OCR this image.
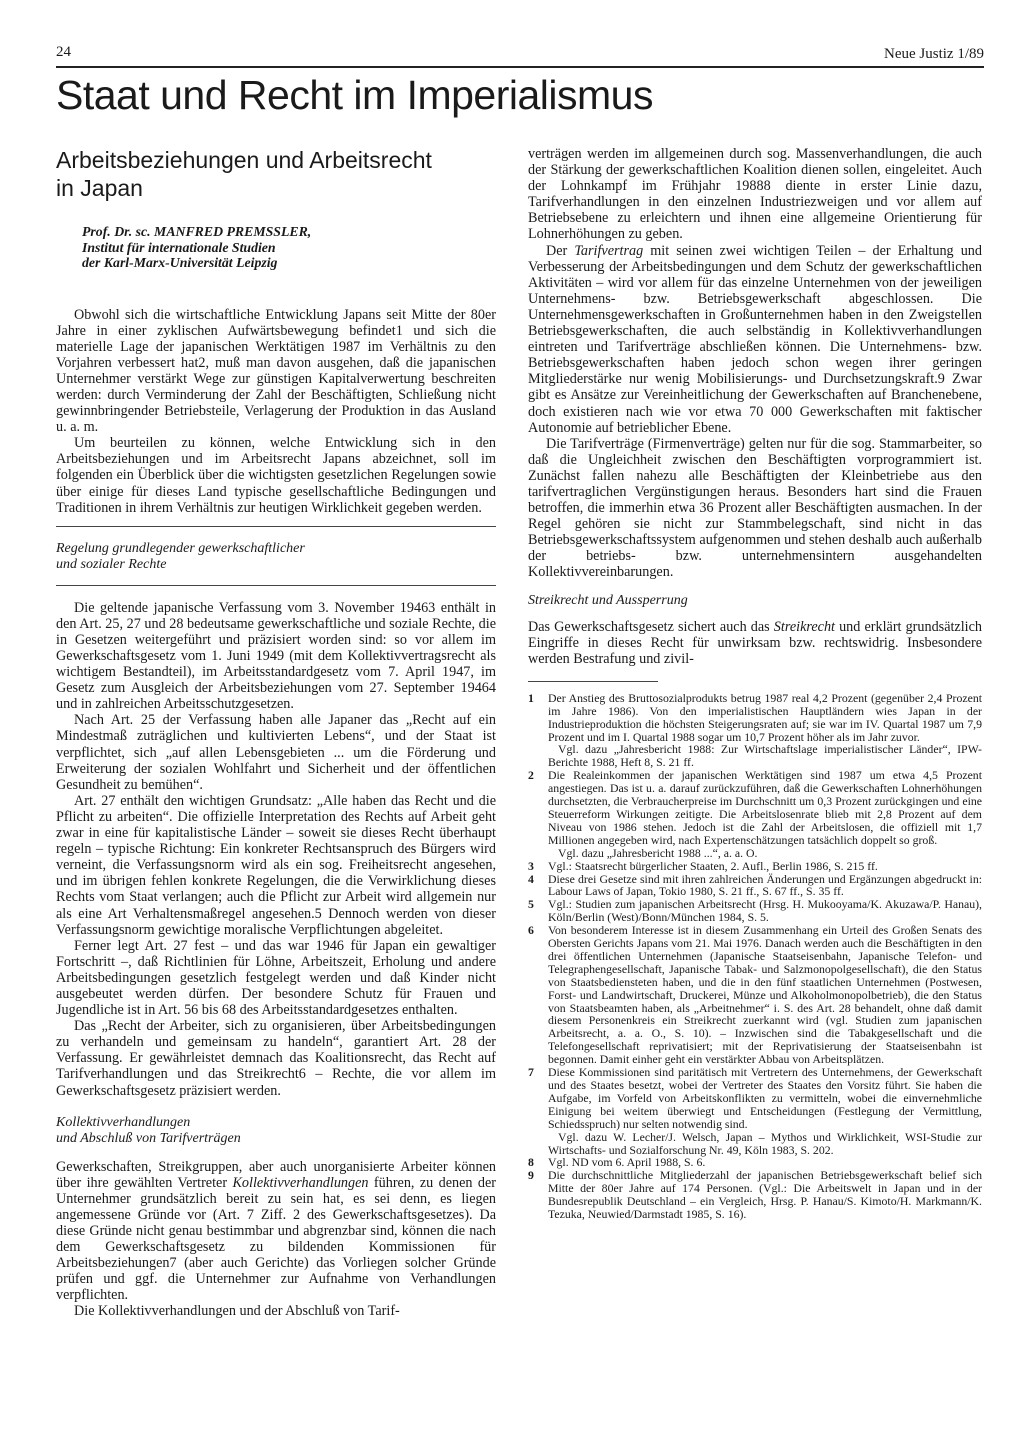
24	Neue Justiz 1/89
Staat und Recht im Imperialismus
Arbeitsbeziehungen und Arbeitsrecht
in Japan
Prof. Dr. sc. MANFRED PREMSSLER,
Institut für internationale Studien
der Karl-Marx-Universität Leipzig

Obwohl sich die wirtschaftliche Entwicklung Japans seit Mitte der 80er Jahre in einer zyklischen Aufwärtsbewegung befindet1 und sich die materielle Lage der japanischen Werktätigen 1987 im Verhältnis zu den Vorjahren verbessert hat2, muß man davon ausgehen, daß die japanischen Unternehmer verstärkt Wege zur günstigen Kapitalverwertung beschreiten werden: durch Verminderung der Zahl der Beschäftigten, Schließung nicht gewinnbringender Betriebsteile, Verlagerung der Produktion in das Ausland u. a. m.

Um beurteilen zu können, welche Entwicklung sich in den Arbeitsbeziehungen und im Arbeitsrecht Japans abzeichnet, soll im folgenden ein Überblick über die wichtigsten gesetzlichen Regelungen sowie über einige für dieses Land typische gesellschaftliche Bedingungen und Traditionen in ihrem Verhältnis zur heutigen Wirklichkeit gegeben werden.

Regelung grundlegender gewerkschaftlicher
und sozialer Rechte

Die geltende japanische Verfassung vom 3. November 19463 enthält in den Art. 25, 27 und 28 bedeutsame gewerkschaftliche und soziale Rechte, die in Gesetzen weitergeführt und präzisiert worden sind: so vor allem im Gewerkschaftsgesetz vom 1. Juni 1949 (mit dem Kollektivvertragsrecht als wichtigem Bestandteil), im Arbeitsstandardgesetz vom 7. April 1947, im Gesetz zum Ausgleich der Arbeitsbeziehungen vom 27. September 19464 und in zahlreichen Arbeitsschutzgesetzen.

Nach Art. 25 der Verfassung haben alle Japaner das „Recht auf ein Mindestmaß zuträglichen und kultivierten Lebens“, und der Staat ist verpflichtet, sich „auf allen Lebensgebieten ... um die Förderung und Erweiterung der sozialen Wohlfahrt und Sicherheit und der öffentlichen Gesundheit zu bemühen“.

Art. 27 enthält den wichtigen Grundsatz: „Alle haben das Recht und die Pflicht zu arbeiten“. Die offizielle Interpretation des Rechts auf Arbeit geht zwar in eine für kapitalistische Länder – soweit sie dieses Recht überhaupt regeln – typische Richtung: Ein konkreter Rechtsanspruch des Bürgers wird verneint, die Verfassungsnorm wird als ein sog. Freiheitsrecht angesehen, und im übrigen fehlen konkrete Regelungen, die die Verwirklichung dieses Rechts vom Staat verlangen; auch die Pflicht zur Arbeit wird allgemein nur als eine Art Verhaltensmaßregel angesehen.5 Dennoch werden von dieser Verfassungsnorm gewichtige moralische Verpflichtungen abgeleitet.

Ferner legt Art. 27 fest – und das war 1946 für Japan ein gewaltiger Fortschritt –, daß Richtlinien für Löhne, Arbeitszeit, Erholung und andere Arbeitsbedingungen gesetzlich festgelegt werden und daß Kinder nicht ausgebeutet werden dürfen. Der besondere Schutz für Frauen und Jugendliche ist in Art. 56 bis 68 des Arbeitsstandardgesetzes enthalten.

Das „Recht der Arbeiter, sich zu organisieren, über Arbeitsbedingungen zu verhandeln und gemeinsam zu handeln“, garantiert Art. 28 der Verfassung. Er gewährleistet demnach das Koalitionsrecht, das Recht auf Tarifverhandlungen und das Streikrecht6 – Rechte, die vor allem im Gewerkschaftsgesetz präzisiert werden.

Kollektivverhandlungen
und Abschluß von Tarifverträgen

Gewerkschaften, Streikgruppen, aber auch unorganisierte Arbeiter können über ihre gewählten Vertreter Kollektivverhandlungen führen, zu denen der Unternehmer grundsätzlich bereit zu sein hat, es sei denn, es liegen angemessene Gründe vor (Art. 7 Ziff. 2 des Gewerkschaftsgesetzes). Da diese Gründe nicht genau bestimmbar und abgrenzbar sind, können die nach dem Gewerkschaftsgesetz zu bildenden Kommissionen für Arbeitsbeziehungen7 (aber auch Gerichte) das Vorliegen solcher Gründe prüfen und ggf. die Unternehmer zur Aufnahme von Verhandlungen verpflichten.

Die Kollektivverhandlungen und der Abschluß von Tarif-

verträgen werden im allgemeinen durch sog. Massenverhandlungen, die auch der Stärkung der gewerkschaftlichen Koalition dienen sollen, eingeleitet. Auch der Lohnkampf im Frühjahr 19888 diente in erster Linie dazu, Tarifverhandlungen in den einzelnen Industriezweigen und vor allem auf Betriebsebene zu erleichtern und ihnen eine allgemeine Orientierung für Lohnerhöhungen zu geben.

Der Tarifvertrag mit seinen zwei wichtigen Teilen – der Erhaltung und Verbesserung der Arbeitsbedingungen und dem Schutz der gewerkschaftlichen Aktivitäten – wird vor allem für das einzelne Unternehmen von der jeweiligen Unternehmens- bzw. Betriebsgewerkschaft abgeschlossen. Die Unternehmensgewerkschaften in Großunternehmen haben in den Zweigstellen Betriebsgewerkschaften, die auch selbständig in Kollektivverhandlungen eintreten und Tarifverträge abschließen können. Die Unternehmens- bzw. Betriebsgewerkschaften haben jedoch schon wegen ihrer geringen Mitgliederstärke nur wenig Mobilisierungs- und Durchsetzungskraft.9 Zwar gibt es Ansätze zur Vereinheitlichung der Gewerkschaften auf Branchenebene, doch existieren nach wie vor etwa 70 000 Gewerkschaften mit faktischer Autonomie auf betrieblicher Ebene.

Die Tarifverträge (Firmenverträge) gelten nur für die sog. Stammarbeiter, so daß die Ungleichheit zwischen den Beschäftigten vorprogrammiert ist. Zunächst fallen nahezu alle Beschäftigten der Kleinbetriebe aus den tarifvertraglichen Vergünstigungen heraus. Besonders hart sind die Frauen betroffen, die immerhin etwa 36 Prozent aller Beschäftigten ausmachen. In der Regel gehören sie nicht zur Stammbelegschaft, sind nicht in das Betriebsgewerkschaftssystem aufgenommen und stehen deshalb auch außerhalb der betriebs- bzw. unternehmensintern ausgehandelten Kollektivvereinbarungen.

Streikrecht und Aussperrung

Das Gewerkschaftsgesetz sichert auch das Streikrecht und erklärt grundsätzlich Eingriffe in dieses Recht für unwirksam bzw. rechtswidrig. Insbesondere werden Bestrafung und zivil-

1	Der Anstieg des Bruttosozialprodukts betrug 1987 real 4,2 Prozent (gegenüber 2,4 Prozent im Jahre 1986). Von den imperialistischen Hauptländern wies Japan in der Industrieproduktion die höchsten Steigerungsraten auf; sie war im IV. Quartal 1987 um 7,9 Prozent und im I. Quartal 1988 sogar um 10,7 Prozent höher als im Jahr zuvor.
Vgl. dazu „Jahresbericht 1988: Zur Wirtschaftslage imperialistischer Länder“, IPW-Berichte 1988, Heft 8, S. 21 ff.
2	Die Realeinkommen der japanischen Werktätigen sind 1987 um etwa 4,5 Prozent angestiegen. Das ist u. a. darauf zurückzuführen, daß die Gewerkschaften Lohnerhöhungen durchsetzten, die Verbraucherpreise im Durchschnitt um 0,3 Prozent zurückgingen und eine Steuerreform Wirkungen zeitigte. Die Arbeitslosenrate blieb mit 2,8 Prozent auf dem Niveau von 1986 stehen. Jedoch ist die Zahl der Arbeitslosen, die offiziell mit 1,7 Millionen angegeben wird, nach Expertenschätzungen tatsächlich doppelt so groß.
Vgl. dazu „Jahresbericht 1988 ...“, a. a. O.
3	Vgl.: Staatsrecht bürgerlicher Staaten, 2. Aufl., Berlin 1986, S. 215 ff.
4	Diese drei Gesetze sind mit ihren zahlreichen Änderungen und Ergänzungen abgedruckt in: Labour Laws of Japan, Tokio 1980, S. 21 ff., S. 67 ff., S. 35 ff.
5	Vgl.: Studien zum japanischen Arbeitsrecht (Hrsg. H. Mukooyama/K. Akuzawa/P. Hanau), Köln/Berlin (West)/Bonn/München 1984, S. 5.
6	Von besonderem Interesse ist in diesem Zusammenhang ein Urteil des Großen Senats des Obersten Gerichts Japans vom 21. Mai 1976. Danach werden auch die Beschäftigten in den drei öffentlichen Unternehmen (Japanische Staatseisenbahn, Japanische Telefon- und Telegraphengesellschaft, Japanische Tabak- und Salzmonopolgesellschaft), die den Status von Staatsbediensteten haben, und die in den fünf staatlichen Unternehmen (Postwesen, Forst- und Landwirtschaft, Druckerei, Münze und Alkoholmonopolbetrieb), die den Status von Staatsbeamten haben, als „Arbeitnehmer“ i. S. des Art. 28 behandelt, ohne daß damit diesem Personenkreis ein Streikrecht zuerkannt wird (vgl. Studien zum japanischen Arbeitsrecht, a. a. O., S. 10). – Inzwischen sind die Tabakgesellschaft und die Telefongesellschaft reprivatisiert; mit der Reprivatisierung der Staatseisenbahn ist begonnen. Damit einher geht ein verstärkter Abbau von Arbeitsplätzen.
7	Diese Kommissionen sind paritätisch mit Vertretern des Unternehmens, der Gewerkschaft und des Staates besetzt, wobei der Vertreter des Staates den Vorsitz führt. Sie haben die Aufgabe, im Vorfeld von Arbeitskonflikten zu vermitteln, wobei die einvernehmliche Einigung bei weitem überwiegt und Entscheidungen (Festlegung der Vermittlung, Schiedsspruch) nur selten notwendig sind.
Vgl. dazu W. Lecher/J. Welsch, Japan – Mythos und Wirklichkeit, WSI-Studie zur Wirtschafts- und Sozialforschung Nr. 49, Köln 1983, S. 202.
8	Vgl. ND vom 6. April 1988, S. 6.
9	Die durchschnittliche Mitgliederzahl der japanischen Betriebsgewerkschaft belief sich Mitte der 80er Jahre auf 174 Personen. (Vgl.: Die Arbeitswelt in Japan und in der Bundesrepublik Deutschland – ein Vergleich, Hrsg. P. Hanau/S. Kimoto/H. Markmann/K. Tezuka, Neuwied/Darmstadt 1985, S. 16).
